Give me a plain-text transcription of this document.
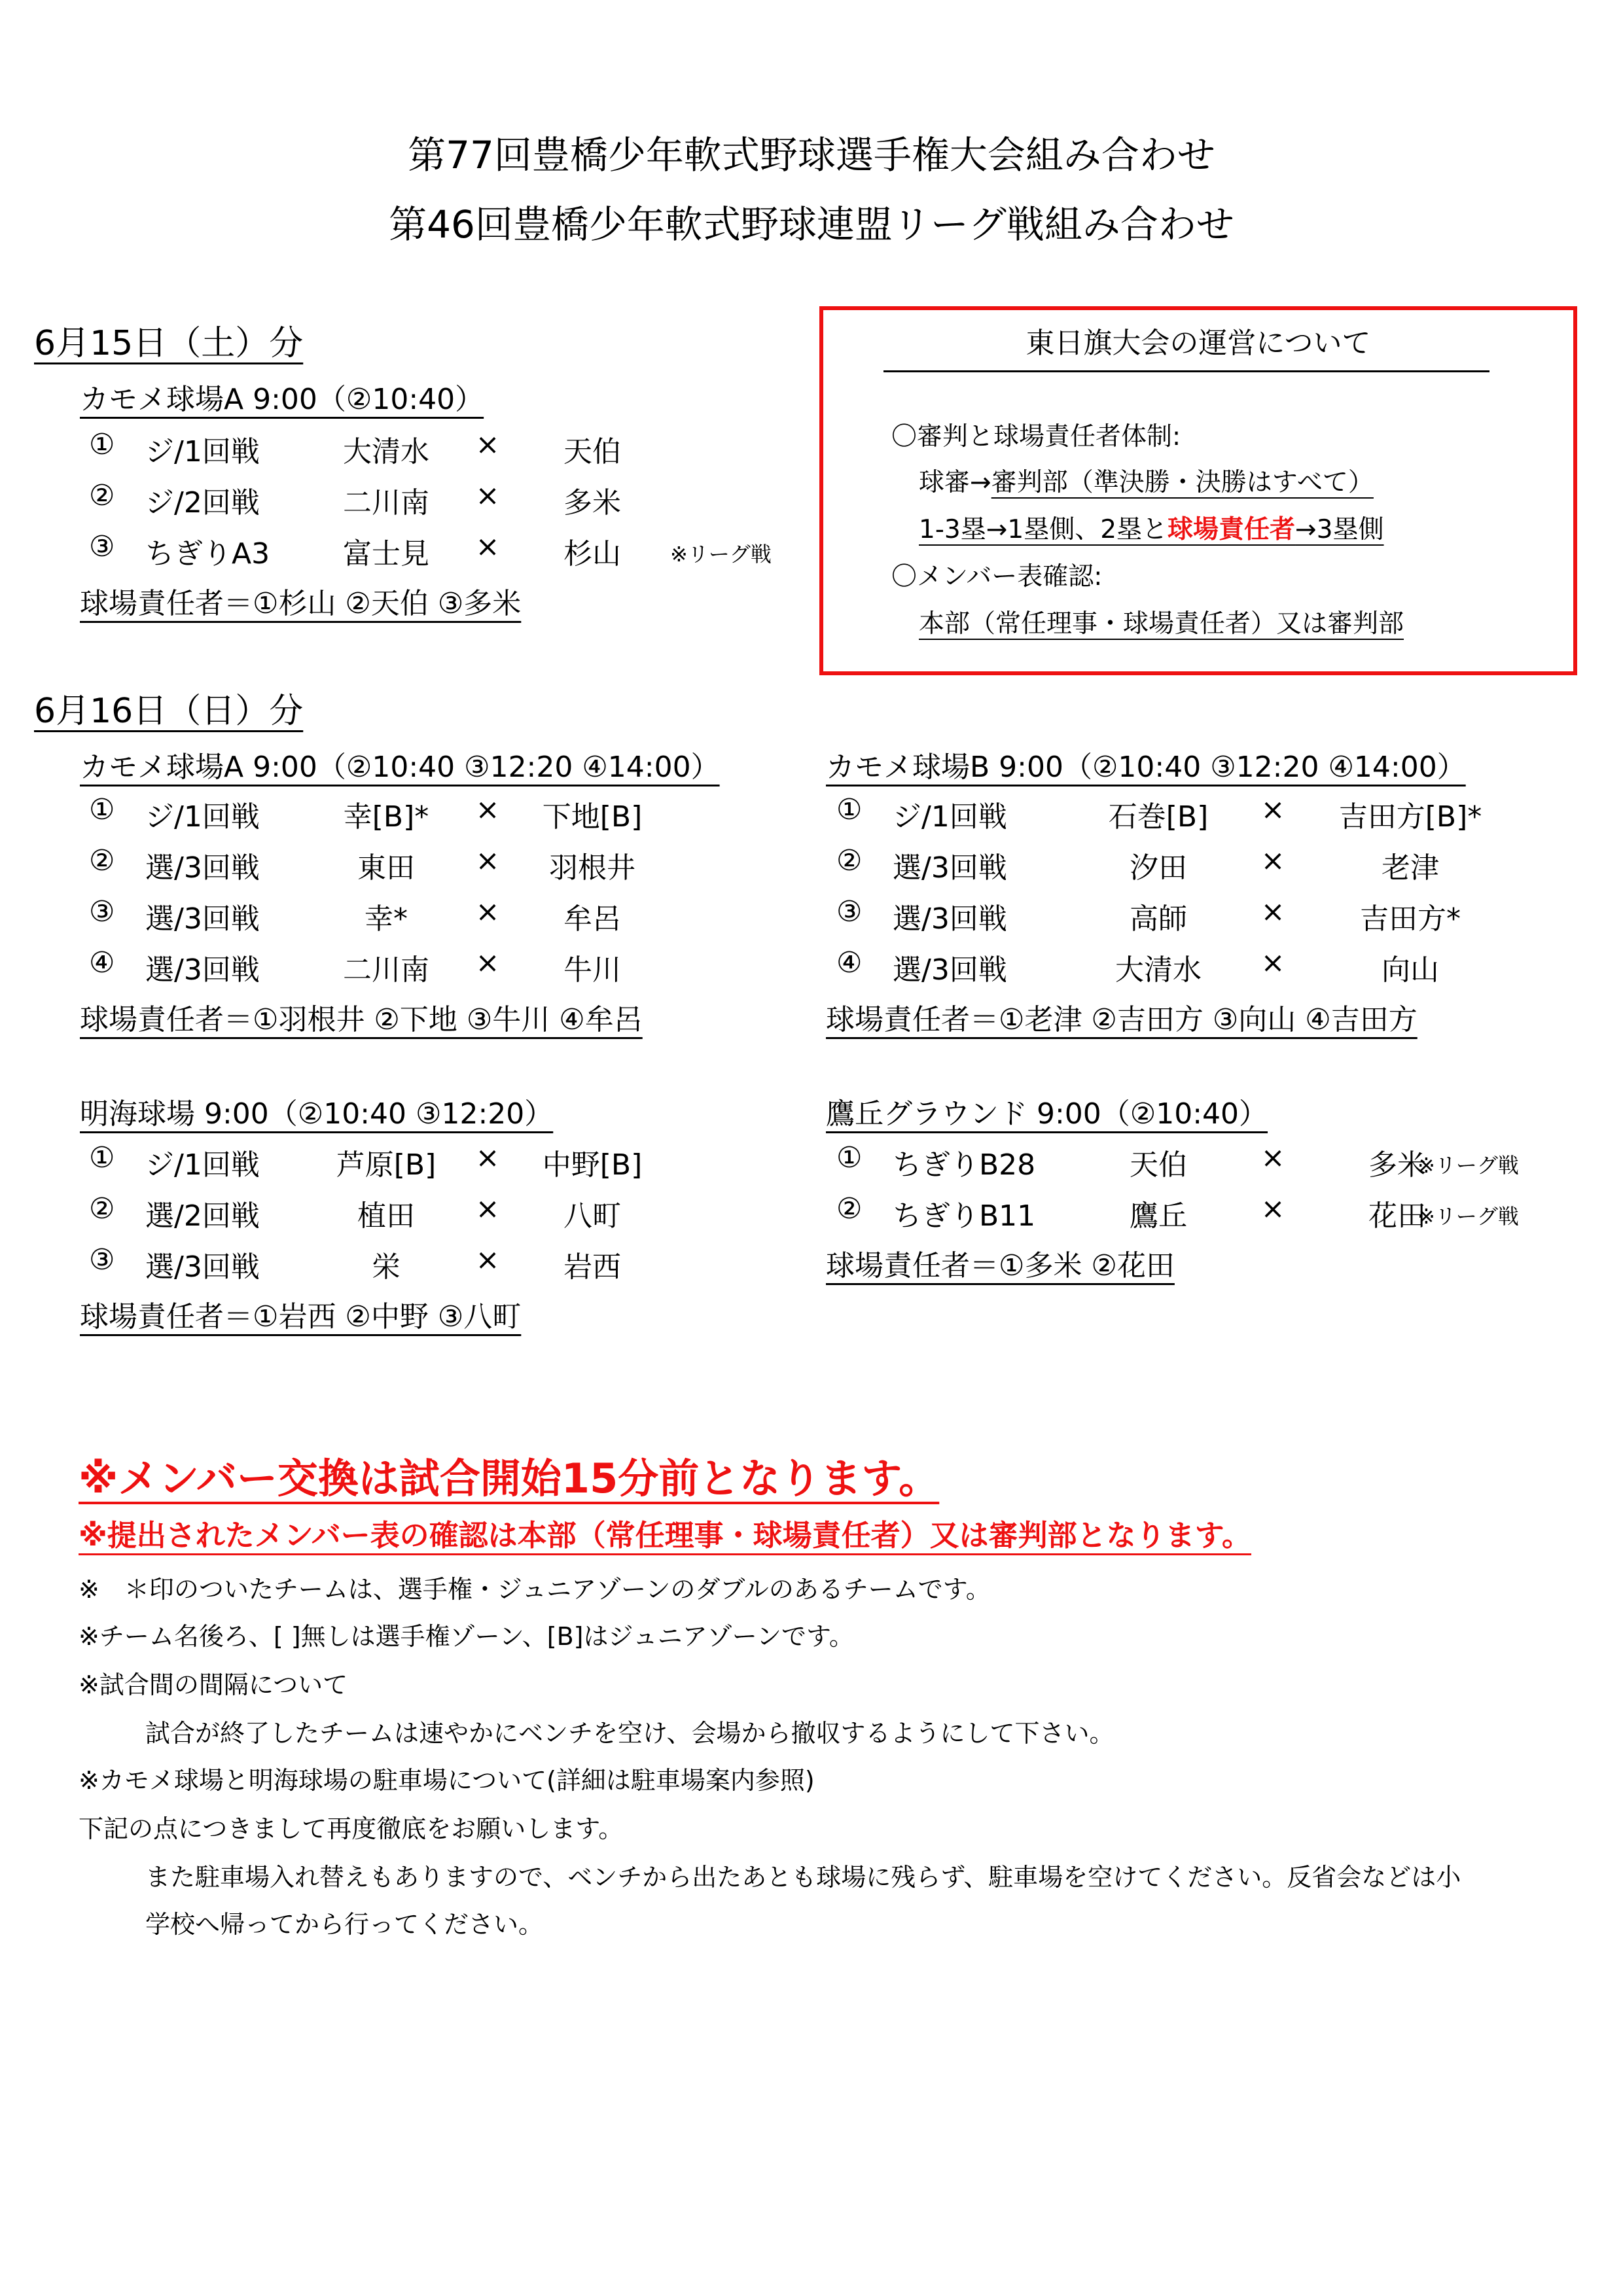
第77回豊橋少年軟式野球選手権大会組み合わせ
第46回豊橋少年軟式野球連盟リーグ戦組み合わせ
6月15日（土）分
カモメ球場A 9:00（②10:40）
① ジ/1回戦	大清水	×	天伯
② ジ/2回戦	二川南	×	多米
③ ちぎりA3	富士見	×	杉山	※リーグ戦
球場責任者＝①杉山 ②天伯 ③多米
東日旗大会の運営について
〇審判と球場責任者体制:
球審→審判部（準決勝・決勝はすべて）
1-3塁→1塁側、2塁と球場責任者→3塁側
〇メンバー表確認:
本部（常任理事・球場責任者）又は審判部
6月16日（日）分
カモメ球場A 9:00（②10:40 ③12:20 ④14:00）
① ジ/1回戦	幸[B]*	×	下地[B]
② 選/3回戦	東田	×	羽根井
③ 選/3回戦	幸*	×	牟呂
④ 選/3回戦	二川南	×	牛川
球場責任者＝①羽根井 ②下地 ③牛川 ④牟呂
カモメ球場B 9:00（②10:40 ③12:20 ④14:00）
① ジ/1回戦	石巻[B]	×	吉田方[B]*
② 選/3回戦	汐田	×	老津
③ 選/3回戦	高師	×	吉田方*
④ 選/3回戦	大清水	×	向山
球場責任者＝①老津 ②吉田方 ③向山 ④吉田方
明海球場 9:00（②10:40 ③12:20）
① ジ/1回戦	芦原[B]	×	中野[B]
② 選/2回戦	植田	×	八町
③ 選/3回戦	栄	×	岩西
球場責任者＝①岩西 ②中野 ③八町
鷹丘グラウンド 9:00（②10:40）
① ちぎりB28	天伯	×	多米
※リーグ戦
② ちぎりB11	鷹丘	×	花田
※リーグ戦
球場責任者＝①多米 ②花田
※メンバー交換は試合開始15分前となります。
※提出されたメンバー表の確認は本部（常任理事・球場責任者）又は審判部となります。
※　＊印のついたチームは、選手権・ジュニアゾーンのダブルのあるチームです。
※チーム名後ろ、[ ]無しは選手権ゾーン、[B]はジュニアゾーンです。
※試合間の間隔について
試合が終了したチームは速やかにベンチを空け、会場から撤収するようにして下さい。
※カモメ球場と明海球場の駐車場について(詳細は駐車場案内参照)
下記の点につきまして再度徹底をお願いします。
また駐車場入れ替えもありますので、ベンチから出たあとも球場に残らず、駐車場を空けてください。反省会などは小
学校へ帰ってから行ってください。
